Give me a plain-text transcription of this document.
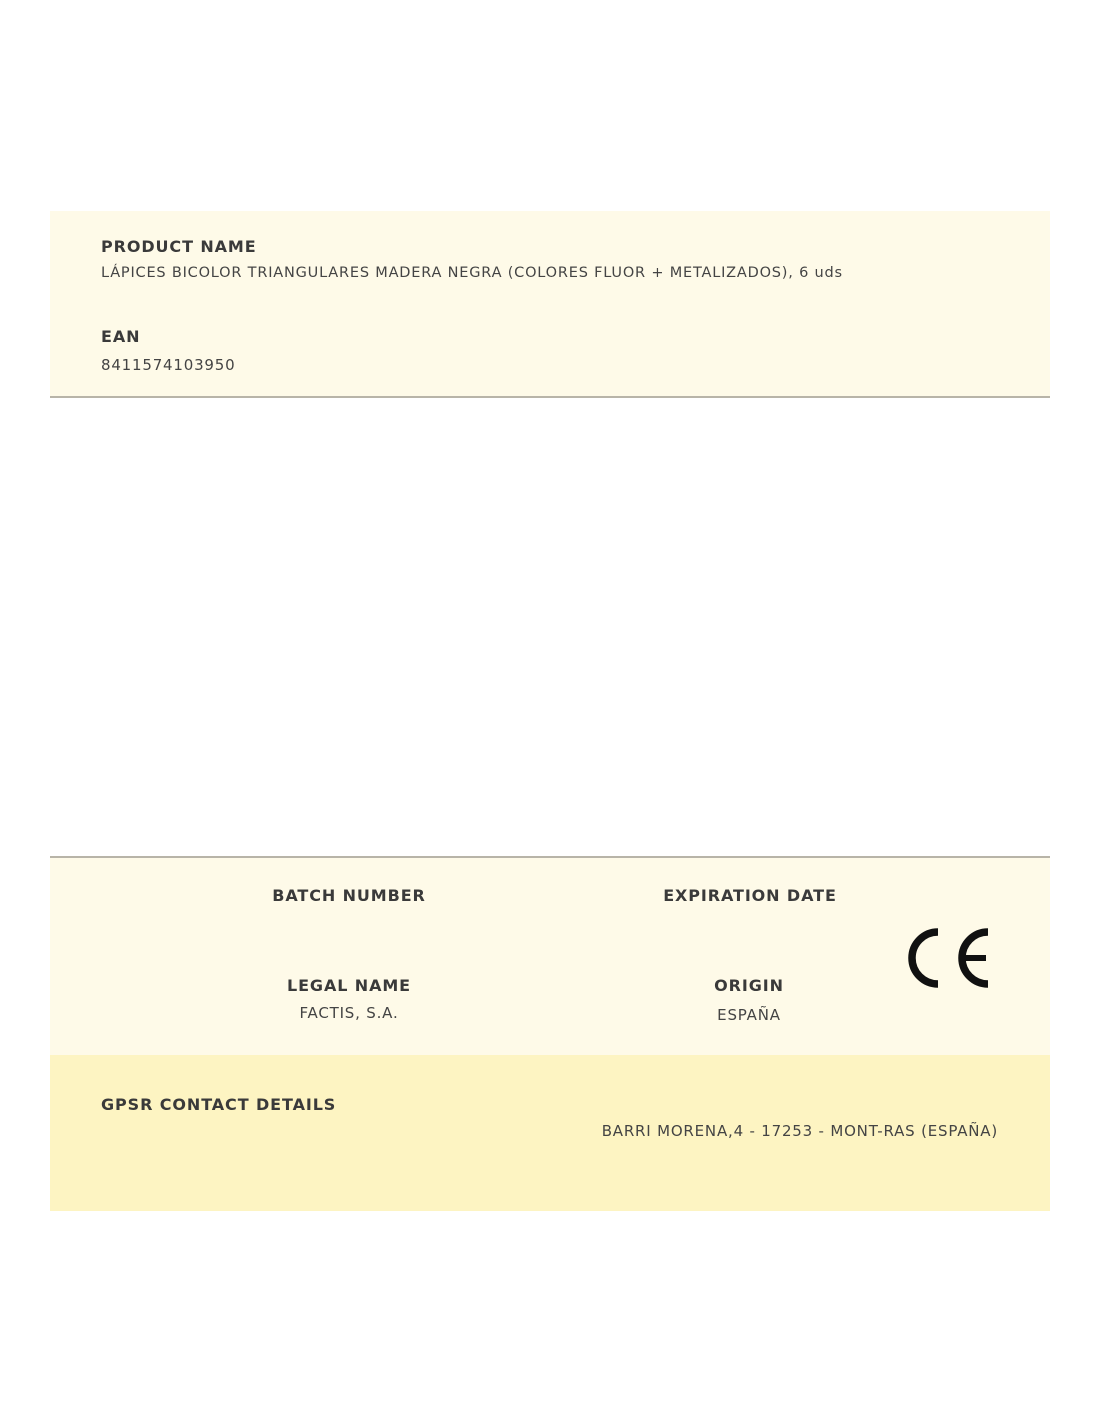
PRODUCT NAME
LÁPICES BICOLOR TRIANGULARES MADERA NEGRA (COLORES FLUOR + METALIZADOS), 6 uds
EAN
8411574103950
BATCH NUMBER	EXPIRATION DATE
LEGAL NAME
FACTIS, S.A.
ORIGIN
ESPAÑA
GPSR CONTACT DETAILS
BARRI MORENA,4 - 17253 - MONT-RAS (ESPAÑA)
